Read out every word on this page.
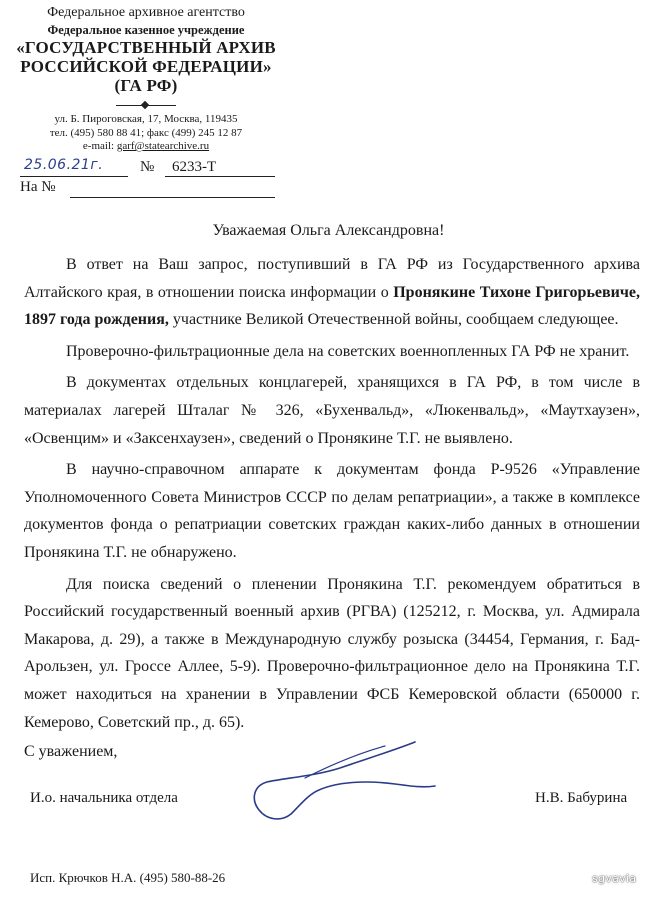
Федеральное архивное агентство
Федеральное казенное учреждение
«ГОСУДАРСТВЕННЫЙ АРХИВ
РОССИЙСКОЙ ФЕДЕРАЦИИ»
(ГА РФ)
ул. Б. Пироговская, 17, Москва, 119435
тел. (495) 580 88 41; факс (499) 245 12 87
e-mail: garf@statearchive.ru
25.06.21г. № 6233-Т
На №
Уважаемая Ольга Александровна!

В ответ на Ваш запрос, поступивший в ГА РФ из Государственного архива Алтайского края, в отношении поиска информации о Пронякине Тихоне Григорьевиче, 1897 года рождения, участнике Великой Отечественной войны, сообщаем следующее.

Проверочно-фильтрационные дела на советских военнопленных ГА РФ не хранит.

В документах отдельных концлагерей, хранящихся в ГА РФ, в том числе в материалах лагерей Шталаг № 326, «Бухенвальд», «Люкенвальд», «Маутхаузен», «Освенцим» и «Заксенхаузен», сведений о Пронякине Т.Г. не выявлено.

В научно-справочном аппарате к документам фонда Р-9526 «Управление Уполномоченного Совета Министров СССР по делам репатриации», а также в комплексе документов фонда о репатриации советских граждан каких-либо данных в отношении Пронякина Т.Г. не обнаружено.

Для поиска сведений о пленении Пронякина Т.Г. рекомендуем обратиться в Российский государственный военный архив (РГВА) (125212, г. Москва, ул. Адмирала Макарова, д. 29), а также в Международную службу розыска (34454, Германия, г. Бад-Арользен, ул. Гроссе Аллее, 5-9). Проверочно-фильтрационное дело на Пронякина Т.Г. может находиться на хранении в Управлении ФСБ Кемеровской области (650000 г. Кемерово, Советский пр., д. 65).

С уважением,
И.о. начальника отдела	Н.В. Бабурина
Исп. Крючков Н.А. (495) 580-88-26	sgvavia
